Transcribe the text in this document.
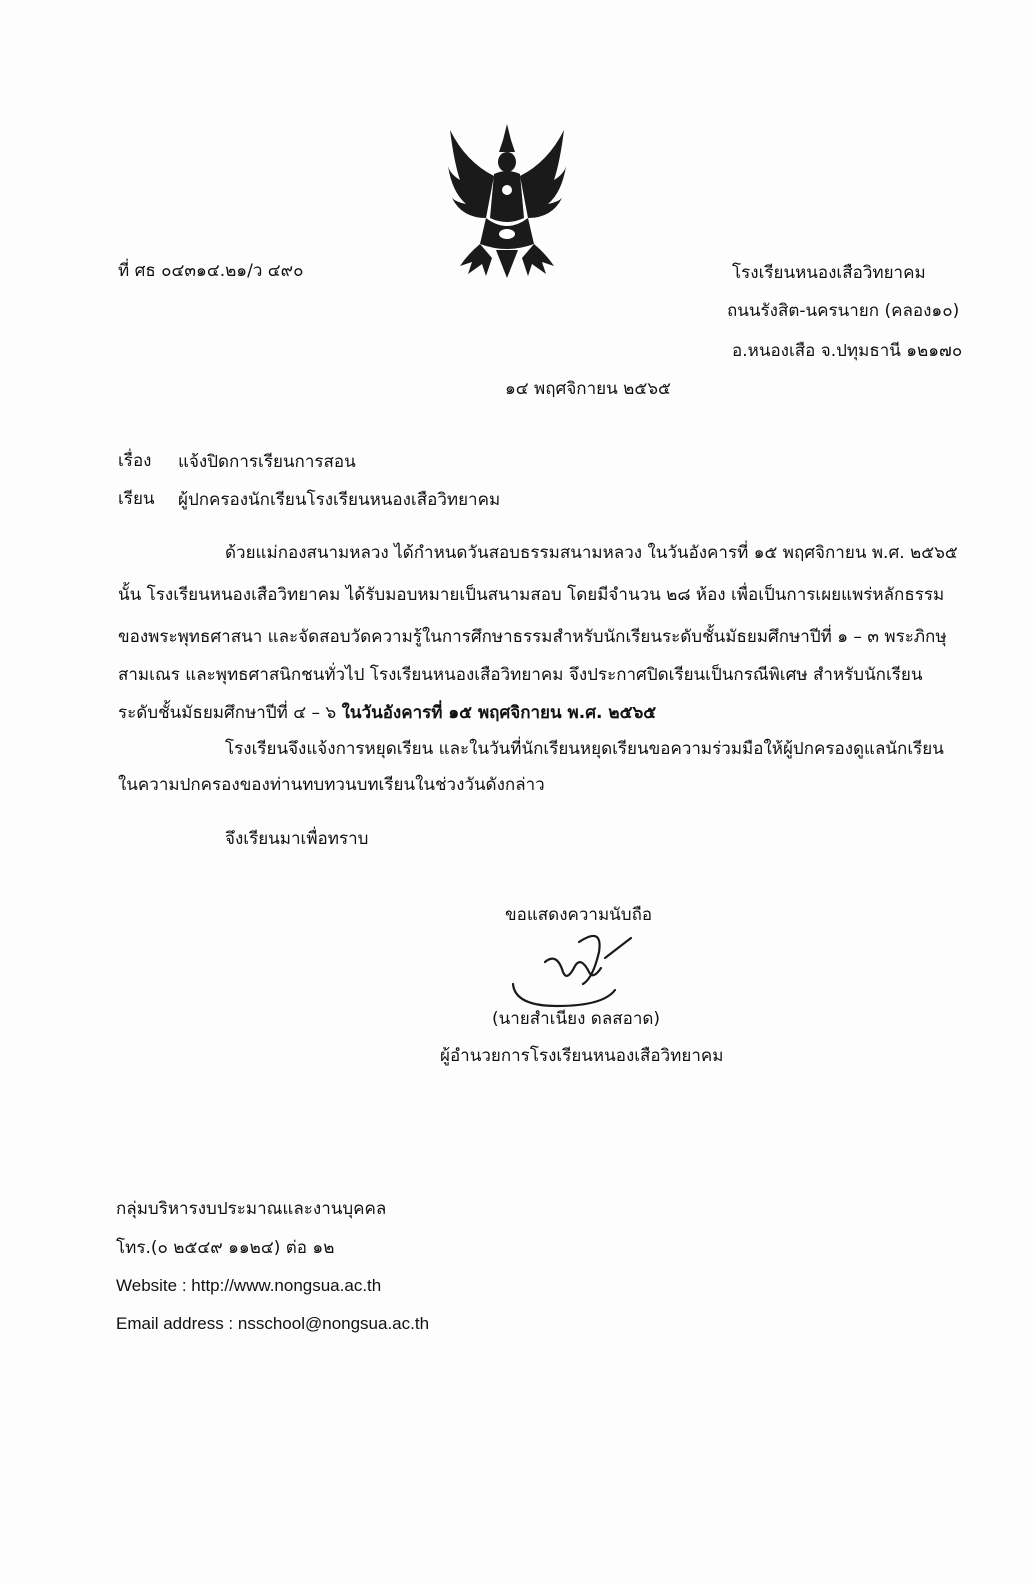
ที่ ศธ ๐๔๓๑๔.๒๑/ว ๔๙๐	โรงเรียนหนองเสือวิทยาคม
ถนนรังสิต-นครนายก (คลอง๑๐)
อ.หนองเสือ จ.ปทุมธานี ๑๒๑๗๐
๑๔ พฤศจิกายน ๒๕๖๕
เรื่อง แจ้งปิดการเรียนการสอน
เรียน ผู้ปกครองนักเรียนโรงเรียนหนองเสือวิทยาคม
ด้วยแม่กองสนามหลวง ได้กำหนดวันสอบธรรมสนามหลวง ในวันอังคารที่ ๑๕ พฤศจิกายน พ.ศ. ๒๕๖๕
นั้น โรงเรียนหนองเสือวิทยาคม ได้รับมอบหมายเป็นสนามสอบ โดยมีจำนวน ๒๘ ห้อง เพื่อเป็นการเผยแพร่หลักธรรม
ของพระพุทธศาสนา และจัดสอบวัดความรู้ในการศึกษาธรรมสำหรับนักเรียนระดับชั้นมัธยมศึกษาปีที่ ๑ – ๓ พระภิกษุ
สามเณร และพุทธศาสนิกชนทั่วไป โรงเรียนหนองเสือวิทยาคม จึงประกาศปิดเรียนเป็นกรณีพิเศษ สำหรับนักเรียน
ระดับชั้นมัธยมศึกษาปีที่ ๔ – ๖ ในวันอังคารที่ ๑๕ พฤศจิกายน พ.ศ. ๒๕๖๕
โรงเรียนจึงแจ้งการหยุดเรียน และในวันที่นักเรียนหยุดเรียนขอความร่วมมือให้ผู้ปกครองดูแลนักเรียน
ในความปกครองของท่านทบทวนบทเรียนในช่วงวันดังกล่าว
จึงเรียนมาเพื่อทราบ
ขอแสดงความนับถือ
(นายสำเนียง ดลสอาด)
ผู้อำนวยการโรงเรียนหนองเสือวิทยาคม
กลุ่มบริหารงบประมาณและงานบุคคล
โทร.(๐ ๒๕๔๙ ๑๑๒๔) ต่อ ๑๒
Website : http://www.nongsua.ac.th
Email address : nsschool@nongsua.ac.th
